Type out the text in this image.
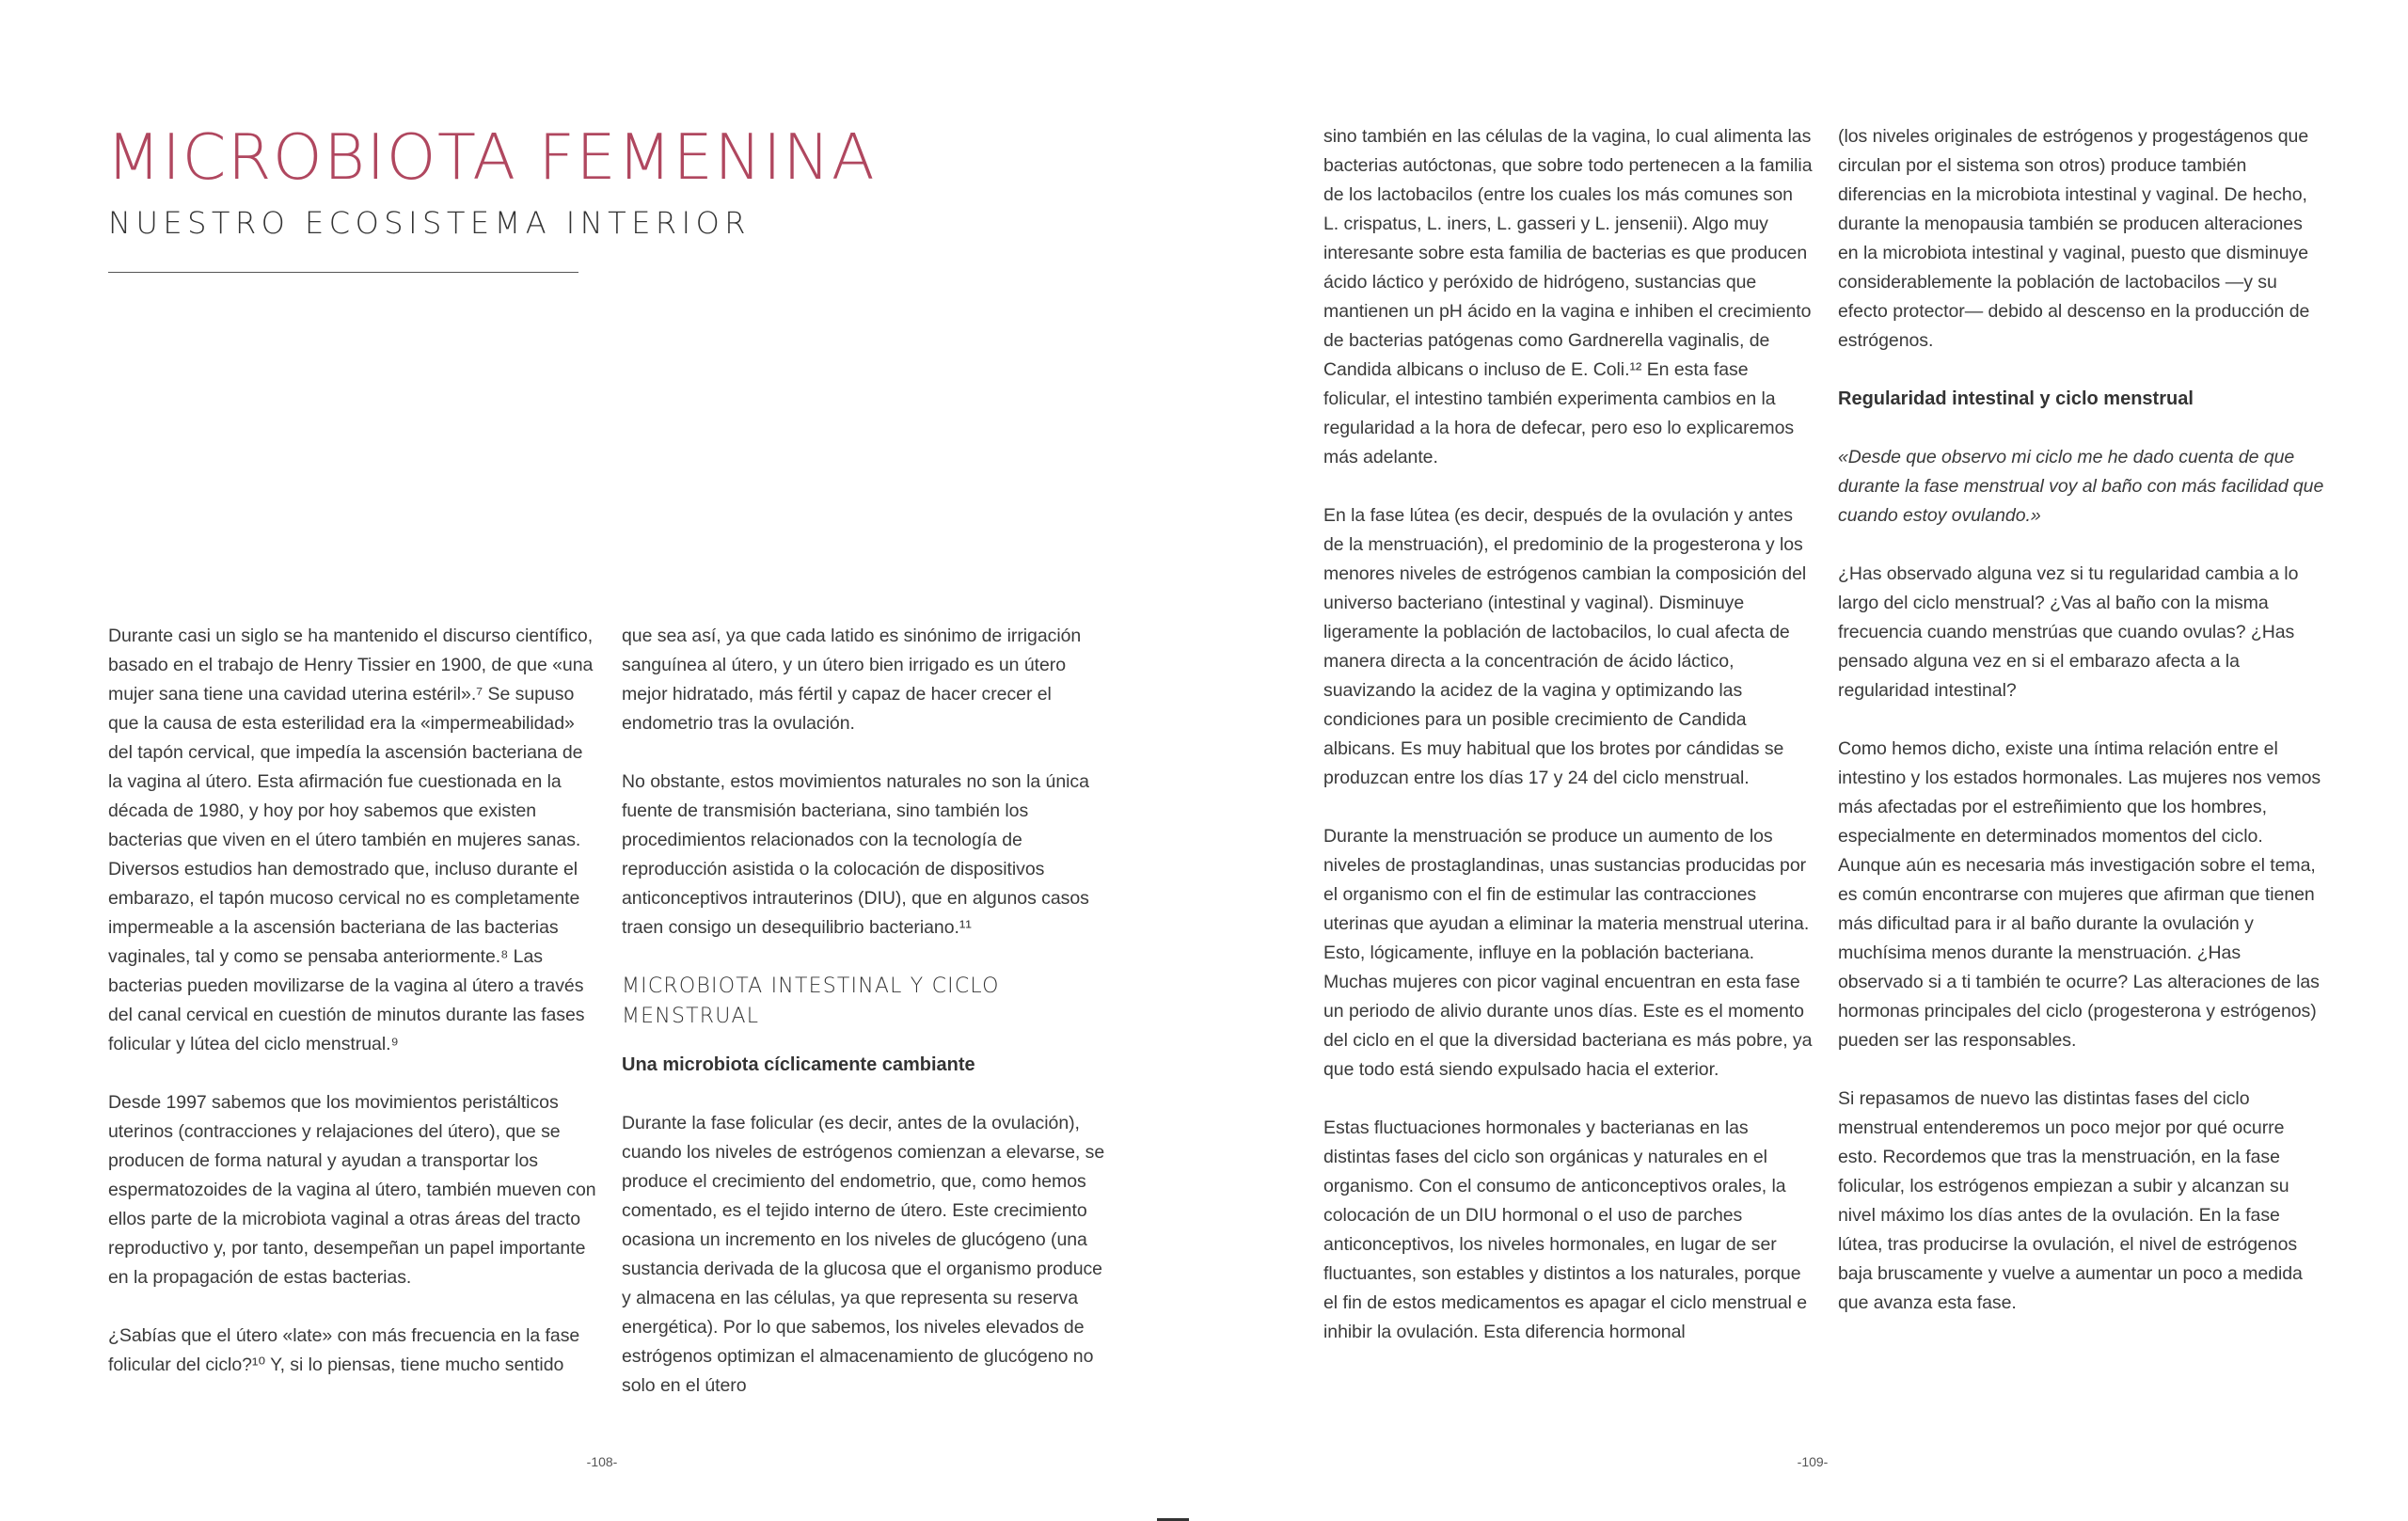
MICROBIOTA FEMENINA
NUESTRO ECOSISTEMA INTERIOR

Durante casi un siglo se ha mantenido el discurso científico, basado en el trabajo de Henry Tissier en 1900, de que «una mujer sana tiene una cavidad uterina estéril».⁷ Se supuso que la causa de esta esterilidad era la «impermeabilidad» del tapón cervical, que impedía la ascensión bacteriana de la vagina al útero. Esta afirmación fue cuestionada en la década de 1980, y hoy por hoy sabemos que existen bacterias que viven en el útero también en mujeres sanas. Diversos estudios han demostrado que, incluso durante el embarazo, el tapón mucoso cervical no es completamente impermeable a la ascensión bacteriana de las bacterias vaginales, tal y como se pensaba anteriormente.⁸ Las bacterias pueden movilizarse de la vagina al útero a través del canal cervical en cuestión de minutos durante las fases folicular y lútea del ciclo menstrual.⁹

Desde 1997 sabemos que los movimientos peristálticos uterinos (contracciones y relajaciones del útero), que se producen de forma natural y ayudan a transportar los espermatozoides de la vagina al útero, también mueven con ellos parte de la microbiota vaginal a otras áreas del tracto reproductivo y, por tanto, desempeñan un papel importante en la propagación de estas bacterias.

¿Sabías que el útero «late» con más frecuencia en la fase folicular del ciclo?¹⁰ Y, si lo piensas, tiene mucho sentido

que sea así, ya que cada latido es sinónimo de irrigación sanguínea al útero, y un útero bien irrigado es un útero mejor hidratado, más fértil y capaz de hacer crecer el endometrio tras la ovulación.

No obstante, estos movimientos naturales no son la única fuente de transmisión bacteriana, sino también los procedimientos relacionados con la tecnología de reproducción asistida o la colocación de dispositivos anticonceptivos intrauterinos (DIU), que en algunos casos traen consigo un desequilibrio bacteriano.¹¹

MICROBIOTA INTESTINAL Y CICLO MENSTRUAL
Una microbiota cíclicamente cambiante

Durante la fase folicular (es decir, antes de la ovulación), cuando los niveles de estrógenos comienzan a elevarse, se produce el crecimiento del endometrio, que, como hemos comentado, es el tejido interno de útero. Este crecimiento ocasiona un incremento en los niveles de glucógeno (una sustancia derivada de la glucosa que el organismo produce y almacena en las células, ya que representa su reserva energética). Por lo que sabemos, los niveles elevados de estrógenos optimizan el almacenamiento de glucógeno no solo en el útero

-108-

sino también en las células de la vagina, lo cual alimenta las bacterias autóctonas, que sobre todo pertenecen a la familia de los lactobacilos (entre los cuales los más comunes son L. crispatus, L. iners, L. gasseri y L. jensenii). Algo muy interesante sobre esta familia de bacterias es que producen ácido láctico y peróxido de hidrógeno, sustancias que mantienen un pH ácido en la vagina e inhiben el crecimiento de bacterias patógenas como Gardnerella vaginalis, de Candida albicans o incluso de E. Coli.¹² En esta fase folicular, el intestino también experimenta cambios en la regularidad a la hora de defecar, pero eso lo explicaremos más adelante.

En la fase lútea (es decir, después de la ovulación y antes de la menstruación), el predominio de la progesterona y los menores niveles de estrógenos cambian la composición del universo bacteriano (intestinal y vaginal). Disminuye ligeramente la población de lactobacilos, lo cual afecta de manera directa a la concentración de ácido láctico, suavizando la acidez de la vagina y optimizando las condiciones para un posible crecimiento de Candida albicans. Es muy habitual que los brotes por cándidas se produzcan entre los días 17 y 24 del ciclo menstrual.

Durante la menstruación se produce un aumento de los niveles de prostaglandinas, unas sustancias producidas por el organismo con el fin de estimular las contracciones uterinas que ayudan a eliminar la materia menstrual uterina. Esto, lógicamente, influye en la población bacteriana. Muchas mujeres con picor vaginal encuentran en esta fase un periodo de alivio durante unos días. Este es el momento del ciclo en el que la diversidad bacteriana es más pobre, ya que todo está siendo expulsado hacia el exterior.

Estas fluctuaciones hormonales y bacterianas en las distintas fases del ciclo son orgánicas y naturales en el organismo. Con el consumo de anticonceptivos orales, la colocación de un DIU hormonal o el uso de parches anticonceptivos, los niveles hormonales, en lugar de ser fluctuantes, son estables y distintos a los naturales, porque el fin de estos medicamentos es apagar el ciclo menstrual e inhibir la ovulación. Esta diferencia hormonal

(los niveles originales de estrógenos y progestágenos que circulan por el sistema son otros) produce también diferencias en la microbiota intestinal y vaginal. De hecho, durante la menopausia también se producen alteraciones en la microbiota intestinal y vaginal, puesto que disminuye considerablemente la población de lactobacilos —y su efecto protector— debido al descenso en la producción de estrógenos.

Regularidad intestinal y ciclo menstrual

«Desde que observo mi ciclo me he dado cuenta de que durante la fase menstrual voy al baño con más facilidad que cuando estoy ovulando.»

¿Has observado alguna vez si tu regularidad cambia a lo largo del ciclo menstrual? ¿Vas al baño con la misma frecuencia cuando menstrúas que cuando ovulas? ¿Has pensado alguna vez en si el embarazo afecta a la regularidad intestinal?

Como hemos dicho, existe una íntima relación entre el intestino y los estados hormonales. Las mujeres nos vemos más afectadas por el estreñimiento que los hombres, especialmente en determinados momentos del ciclo. Aunque aún es necesaria más investigación sobre el tema, es común encontrarse con mujeres que afirman que tienen más dificultad para ir al baño durante la ovulación y muchísima menos durante la menstruación. ¿Has observado si a ti también te ocurre? Las alteraciones de las hormonas principales del ciclo (progesterona y estrógenos) pueden ser las responsables.

Si repasamos de nuevo las distintas fases del ciclo menstrual entenderemos un poco mejor por qué ocurre esto. Recordemos que tras la menstruación, en la fase folicular, los estrógenos empiezan a subir y alcanzan su nivel máximo los días antes de la ovulación. En la fase lútea, tras producirse la ovulación, el nivel de estrógenos baja bruscamente y vuelve a aumentar un poco a medida que avanza esta fase.

-109-
